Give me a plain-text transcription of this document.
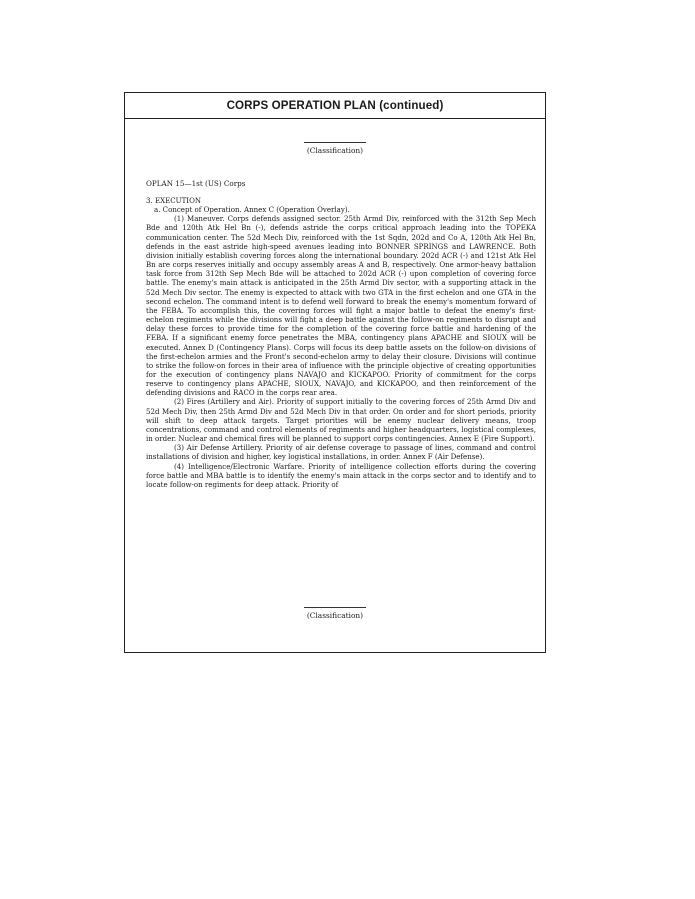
CORPS OPERATION PLAN (continued)
(Classification)
OPLAN 15—1st (US) Corps

3. EXECUTION

a. Concept of Operation. Annex C (Operation Overlay).

(1) Maneuver. Corps defends assigned sector. 25th Armd Div, reinforced with the 312th Sep Mech Bde and 120th Atk Hel Bn (-), defends astride the corps critical approach leading into the TOPEKA communication center. The 52d Mech Div, reinforced with the 1st Sqdn, 202d and Co A, 120th Atk Hel Bn, defends in the east astride high-speed avenues leading into BONNER SPRINGS and LAWRENCE. Both division initially establish covering forces along the international boundary. 202d ACR (-) and 121st Atk Hel Bn are corps reserves initially and occupy assembly areas A and B, respectively. One armor-heavy battalion task force from 312th Sep Mech Bde will be attached to 202d ACR (-) upon completion of covering force battle. The enemy's main attack is anticipated in the 25th Armd Div sector, with a supporting attack in the 52d Mech Div sector. The enemy is expected to attack with two GTA in the first echelon and one GTA in the second echelon. The command intent is to defend well forward to break the enemy's momentum forward of the FEBA. To accomplish this, the covering forces will fight a major battle to defeat the enemy's first-echelon regiments while the divisions will fight a deep battle against the follow-on regiments to disrupt and delay these forces to provide time for the completion of the covering force battle and hardening of the FEBA. If a significant enemy force penetrates the MBA, contingency plans APACHE and SIOUX will be executed. Annex D (Contingency Plans). Corps will focus its deep battle assets on the follow-on divisions of the first-echelon armies and the Front's second-echelon army to delay their closure. Divisions will continue to strike the follow-on forces in their area of influence with the principle objective of creating opportunities for the execution of contingency plans NAVAJO and KICKAPOO. Priority of commitment for the corps reserve to contingency plans APACHE, SIOUX, NAVAJO, and KICKAPOO, and then reinforcement of the defending divisions and RACO in the corps rear area.

(2) Fires (Artillery and Air). Priority of support initially to the covering forces of 25th Armd Div and 52d Mech Div, then 25th Armd Div and 52d Mech Div in that order. On order and for short periods, priority will shift to deep attack targets. Target priorities will be enemy nuclear delivery means, troop concentrations, command and control elements of regiments and higher headquarters, logistical complexes, in order. Nuclear and chemical fires will be planned to support corps contingencies. Annex E (Fire Support).

(3) Air Defense Artillery. Priority of air defense coverage to passage of lines, command and control installations of division and higher, key logistical installations, in order. Annex F (Air Defense).

(4) Intelligence/Electronic Warfare. Priority of intelligence collection efforts during the covering force battle and MBA battle is to identify the enemy's main attack in the corps sector and to identify and to locate follow-on regiments for deep attack. Priority of

(Classification)
